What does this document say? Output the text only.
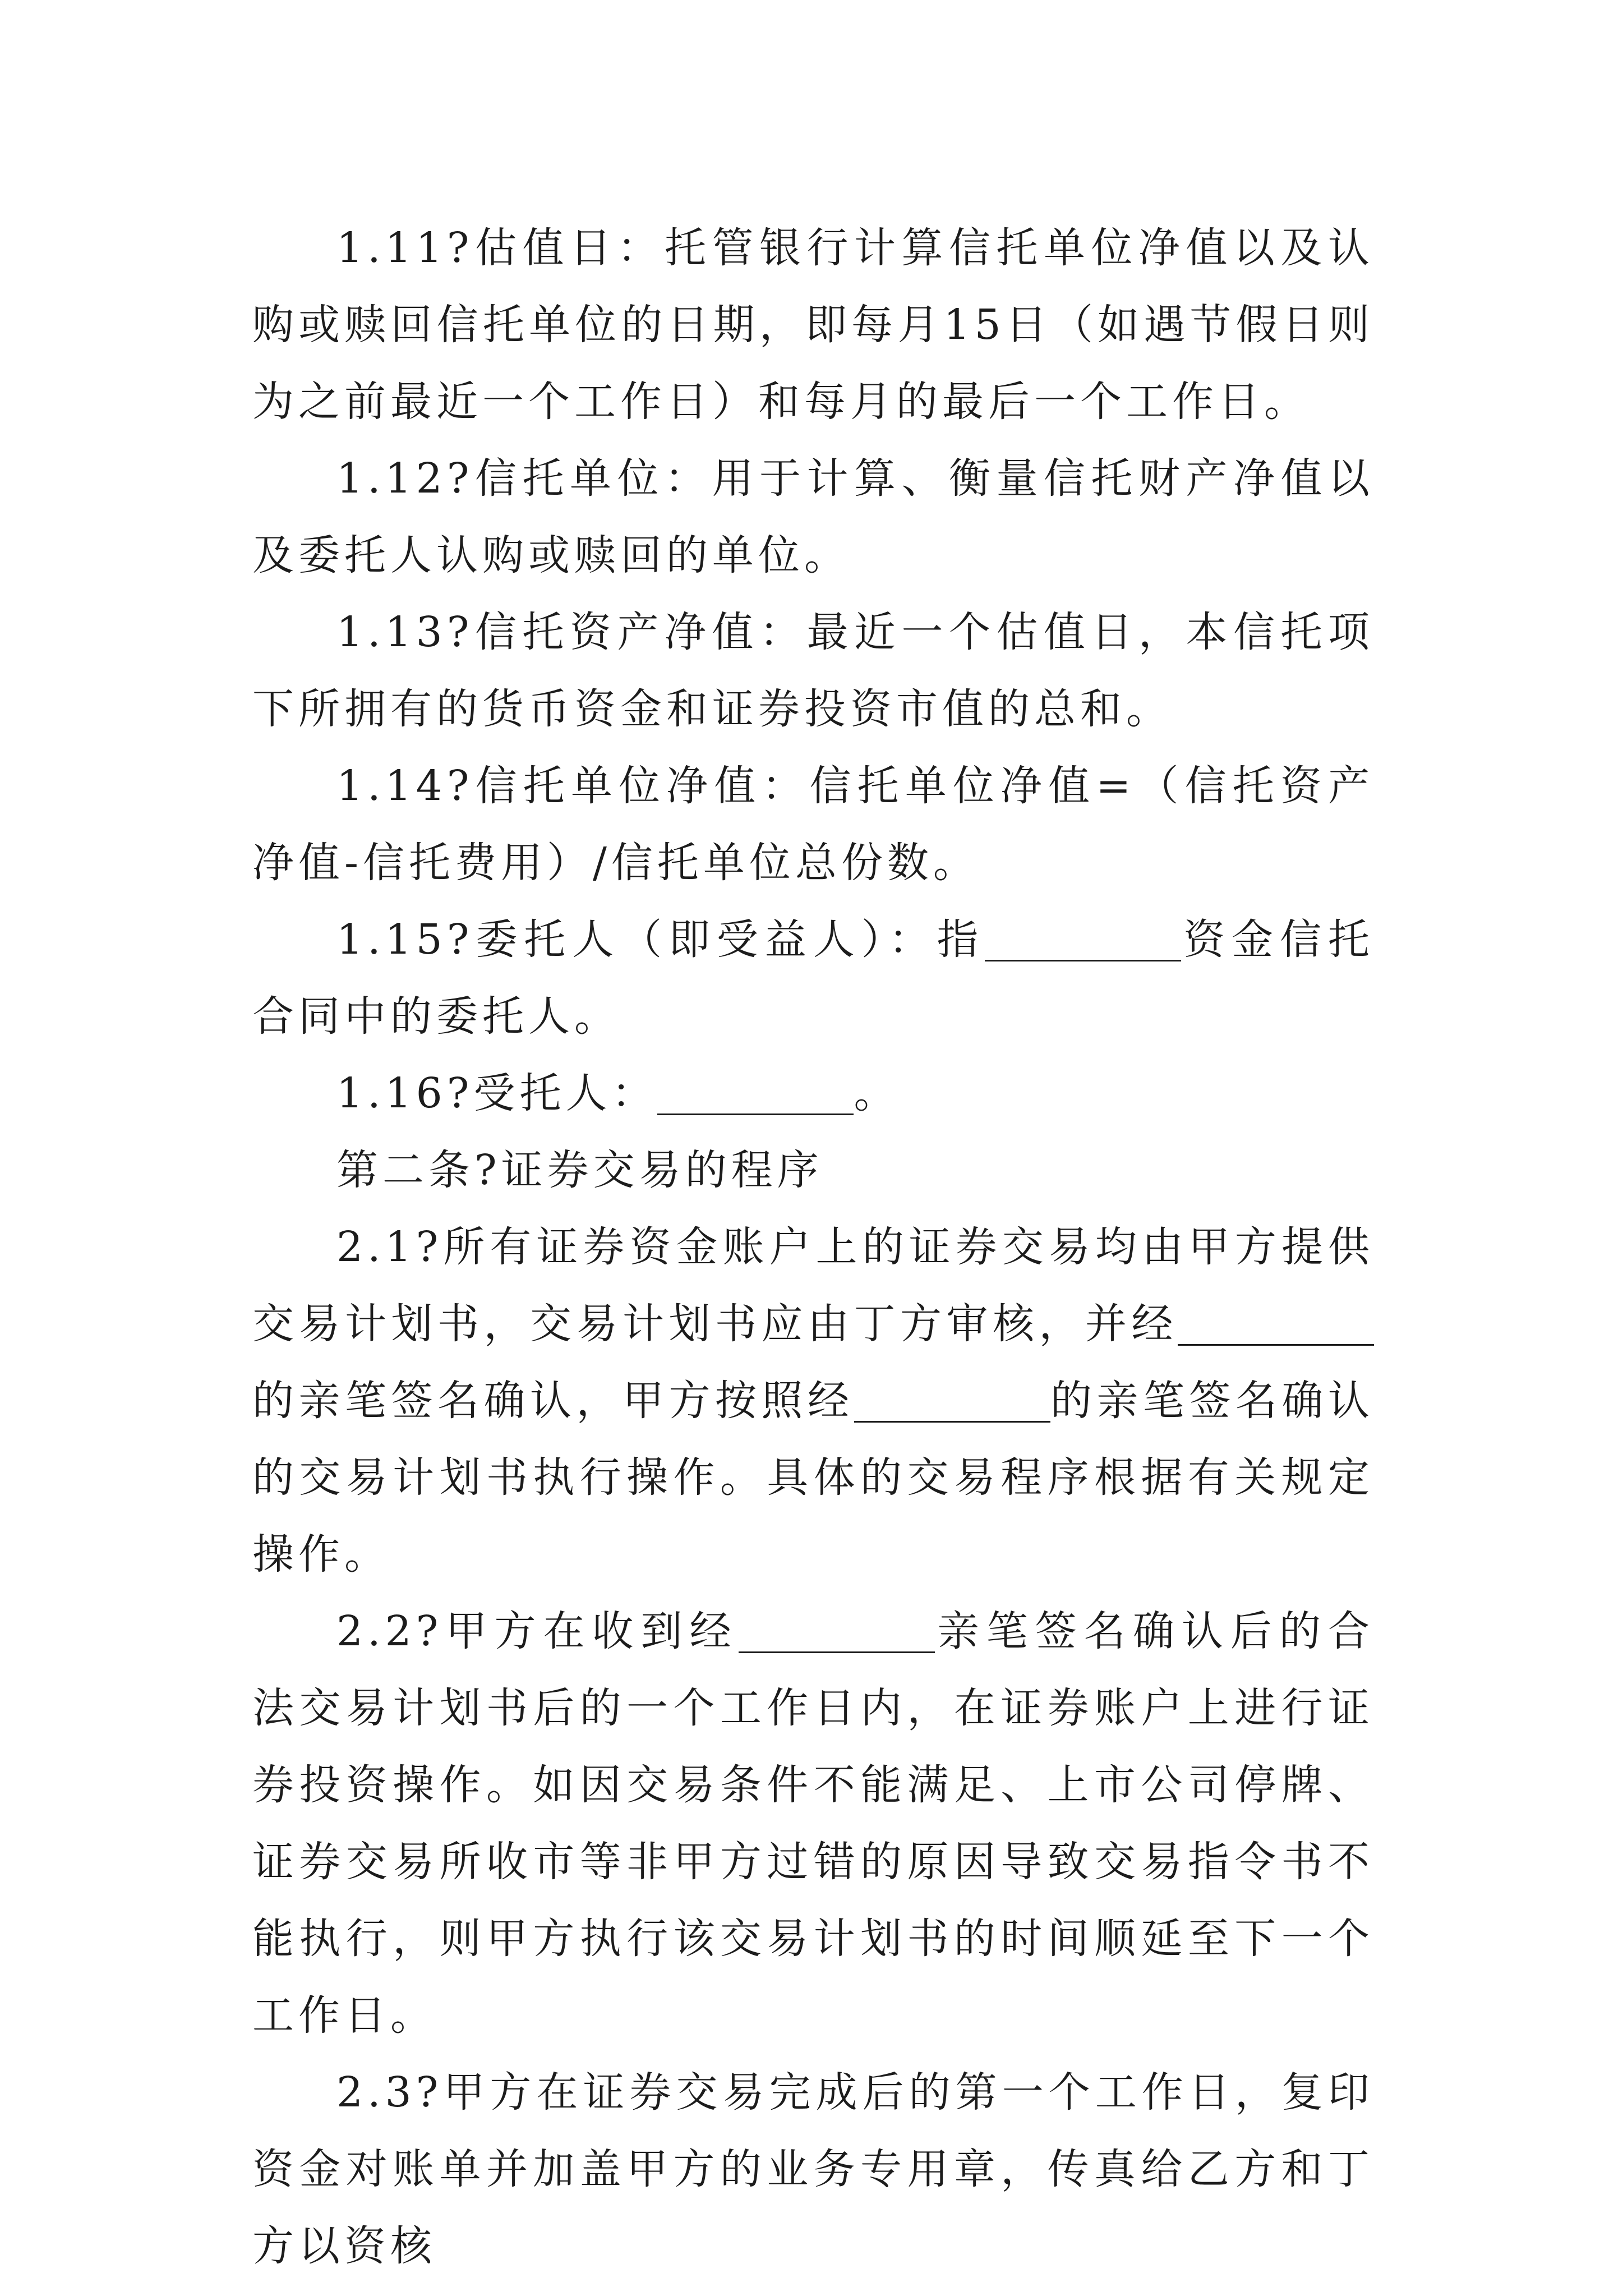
1.11?估值日：托管银行计算信托单位净值以及认购或赎回信托单位的日期，即每月15日（如遇节假日则为之前最近一个工作日）和每月的最后一个工作日。

1.12?信托单位：用于计算、衡量信托财产净值以及委托人认购或赎回的单位。

1.13?信托资产净值：最近一个估值日，本信托项下所拥有的货币资金和证券投资市值的总和。

1.14?信托单位净值：信托单位净值=（信托资产净值-信托费用）/信托单位总份数。

1.15?委托人（即受益人）：指	资金信托合同中的委托人。

1.16?受托人：	。

第二条?证券交易的程序

2.1?所有证券资金账户上的证券交易均由甲方提供交易计划书，交易计划书应由丁方审核，并经的亲笔签名确认，甲方按照经	的亲笔签名确认的交易计划书执行操作。具体的交易程序根据有关规定操作。

2.2?甲方在收到经	亲笔签名确认后的合法交易计划书后的一个工作日内，在证券账户上进行证券投资操作。如因交易条件不能满足、上市公司停牌、证券交易所收市等非甲方过错的原因导致交易指令书不能执行，则甲方执行该交易计划书的时间顺延至下一个工作日。

2.3?甲方在证券交易完成后的第一个工作日，复印资金对账单并加盖甲方的业务专用章，传真给乙方和丁方以资核
